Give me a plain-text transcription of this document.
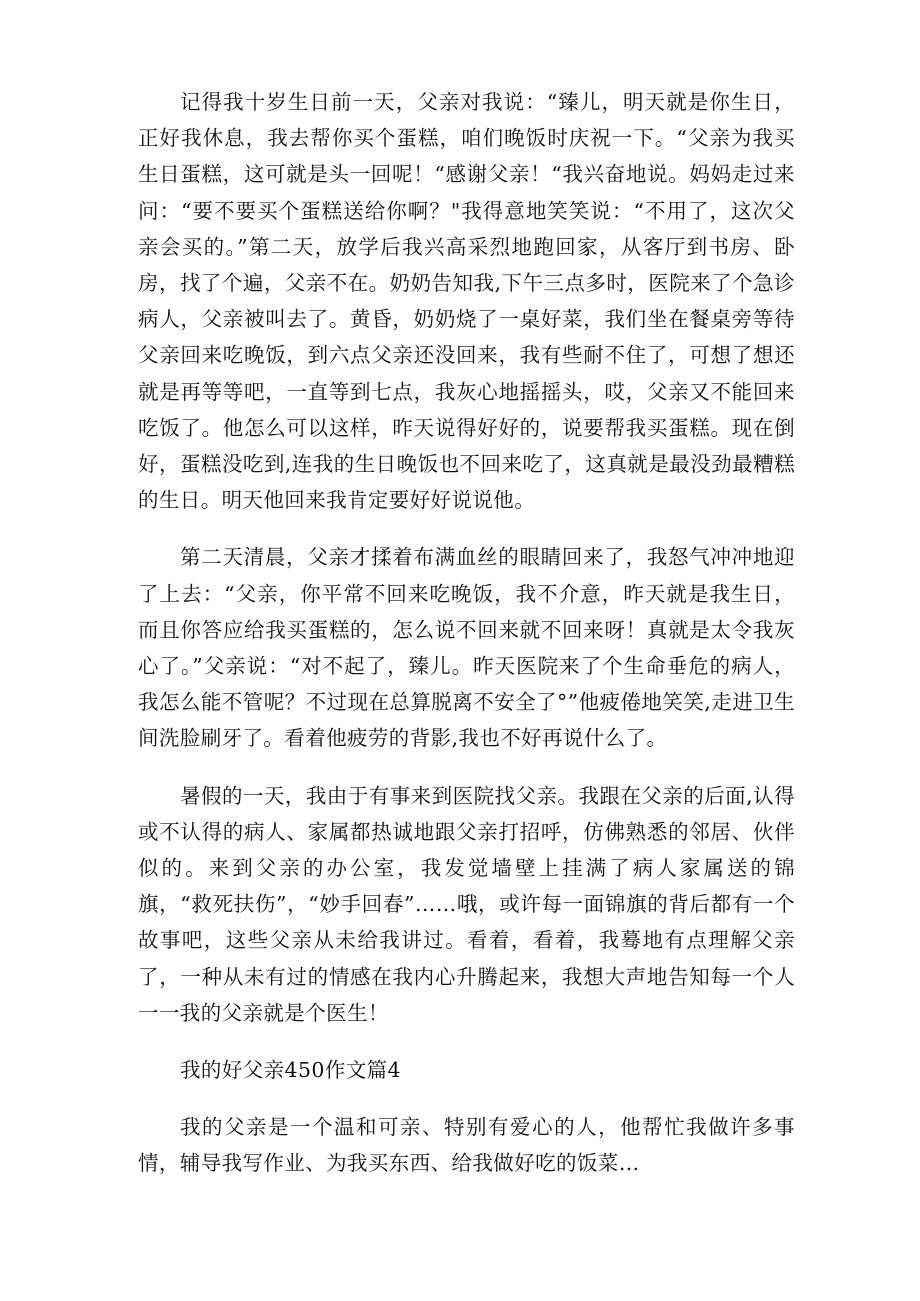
记得我十岁生日前一天，父亲对我说：“臻儿，明天就是你生日，正好我休息，我去帮你买个蛋糕，咱们晚饭时庆祝一下。“父亲为我买生日蛋糕，这可就是头一回呢！“感谢父亲！“我兴奋地说。妈妈走过来问：“要不要买个蛋糕送给你啊？"我得意地笑笑说：“不用了，这次父亲会买的。”第二天，放学后我兴高采烈地跑回家，从客厅到书房、卧房，找了个遍，父亲不在。奶奶告知我,下午三点多时，医院来了个急诊病人，父亲被叫去了。黄昏，奶奶烧了一桌好菜，我们坐在餐桌旁等待父亲回来吃晚饭，到六点父亲还没回来，我有些耐不住了，可想了想还就是再等等吧，一直等到七点，我灰心地摇摇头，哎，父亲又不能回来吃饭了。他怎么可以这样，昨天说得好好的，说要帮我买蛋糕。现在倒好，蛋糕没吃到,连我的生日晚饭也不回来吃了，这真就是最没劲最糟糕的生日。明天他回来我肯定要好好说说他。

第二天清晨，父亲才揉着布满血丝的眼睛回来了，我怒气冲冲地迎了上去：“父亲，你平常不回来吃晚饭，我不介意，昨天就是我生日，而且你答应给我买蛋糕的，怎么说不回来就不回来呀！真就是太令我灰心了。”父亲说：“对不起了，臻儿。昨天医院来了个生命垂危的病人，我怎么能不管呢？不过现在总算脱离不安全了°”他疲倦地笑笑,走进卫生间洗脸刷牙了。看着他疲劳的背影,我也不好再说什么了。

暑假的一天，我由于有事来到医院找父亲。我跟在父亲的后面,认得或不认得的病人、家属都热诚地跟父亲打招呼，仿佛熟悉的邻居、伙伴似的。来到父亲的办公室，我发觉墙壁上挂满了病人家属送的锦旗，“救死扶伤”，“妙手回春”……哦，或许每一面锦旗的背后都有一个故事吧，这些父亲从未给我讲过。看着，看着，我蓦地有点理解父亲了，一种从未有过的情感在我内心升腾起来，我想大声地告知每一个人一一我的父亲就是个医生！

我的好父亲450作文篇4

我的父亲是一个温和可亲、特别有爱心的人，他帮忙我做许多事情，辅导我写作业、为我买东西、给我做好吃的饭菜…
